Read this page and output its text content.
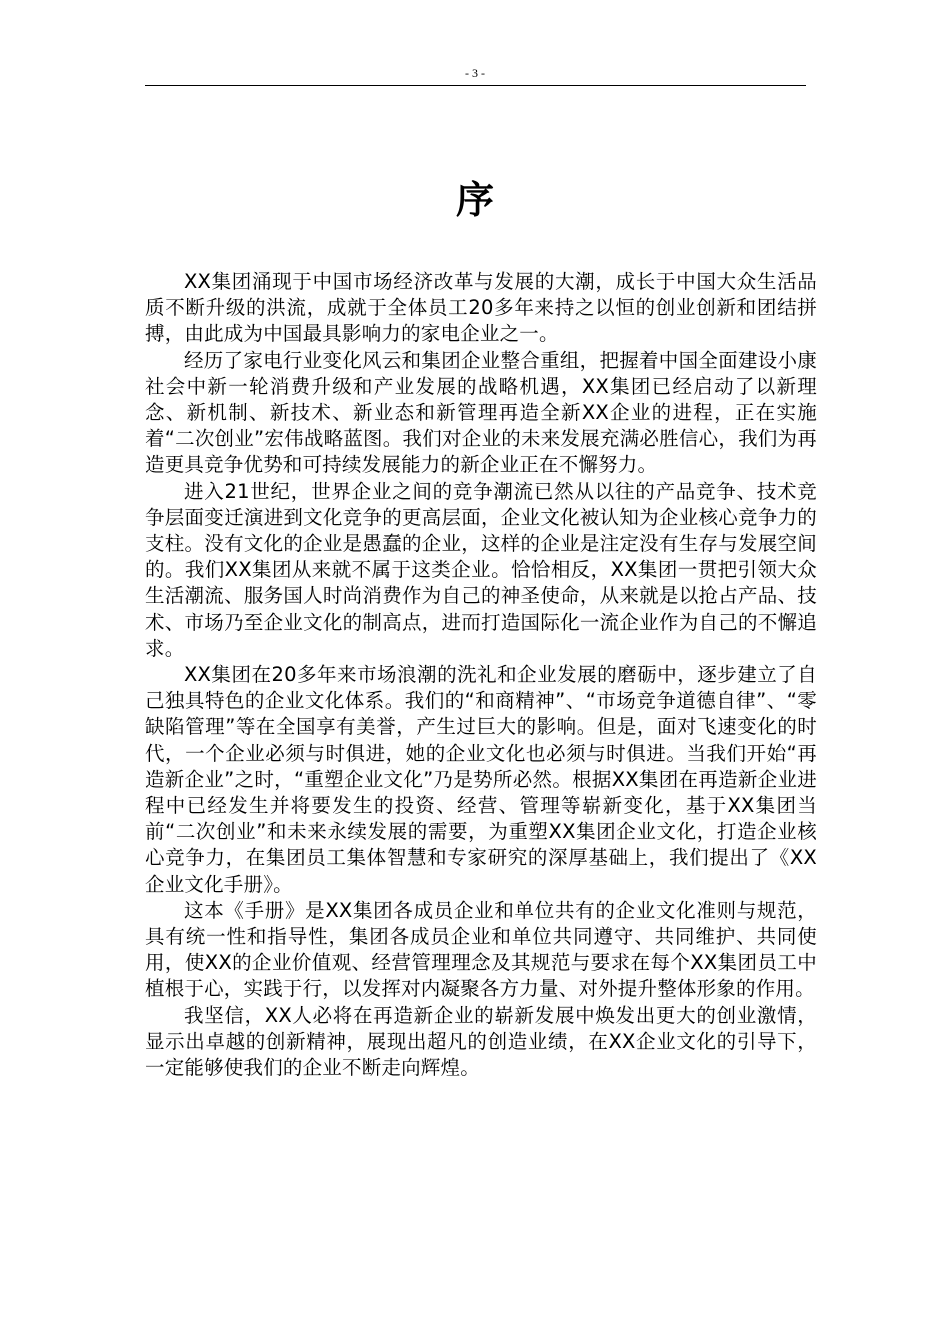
- 3 -
序

XX集团涌现于中国市场经济改革与发展的大潮，成长于中国大众生活品质不断升级的洪流，成就于全体员工20多年来持之以恒的创业创新和团结拼搏，由此成为中国最具影响力的家电企业之一。

经历了家电行业变化风云和集团企业整合重组，把握着中国全面建设小康社会中新一轮消费升级和产业发展的战略机遇，XX集团已经启动了以新理念、新机制、新技术、新业态和新管理再造全新XX企业的进程，正在实施着“二次创业”宏伟战略蓝图。我们对企业的未来发展充满必胜信心，我们为再造更具竞争优势和可持续发展能力的新企业正在不懈努力。

进入21世纪，世界企业之间的竞争潮流已然从以往的产品竞争、技术竞争层面变迁演进到文化竞争的更高层面，企业文化被认知为企业核心竞争力的支柱。没有文化的企业是愚蠢的企业，这样的企业是注定没有生存与发展空间的。我们XX集团从来就不属于这类企业。恰恰相反，XX集团一贯把引领大众生活潮流、服务国人时尚消费作为自己的神圣使命，从来就是以抢占产品、技术、市场乃至企业文化的制高点，进而打造国际化一流企业作为自己的不懈追求。

XX集团在20多年来市场浪潮的洗礼和企业发展的磨砺中，逐步建立了自己独具特色的企业文化体系。我们的“和商精神”、“市场竞争道德自律”、“零缺陷管理”等在全国享有美誉，产生过巨大的影响。但是，面对飞速变化的时代，一个企业必须与时俱进，她的企业文化也必须与时俱进。当我们开始“再造新企业”之时，“重塑企业文化”乃是势所必然。根据XX集团在再造新企业进程中已经发生并将要发生的投资、经营、管理等崭新变化，基于XX集团当前“二次创业”和未来永续发展的需要，为重塑XX集团企业文化，打造企业核心竞争力，在集团员工集体智慧和专家研究的深厚基础上，我们提出了《XX企业文化手册》。

这本《手册》是XX集团各成员企业和单位共有的企业文化准则与规范，具有统一性和指导性，集团各成员企业和单位共同遵守、共同维护、共同使用，使XX的企业价值观、经营管理理念及其规范与要求在每个XX集团员工中植根于心，实践于行，以发挥对内凝聚各方力量、对外提升整体形象的作用。

我坚信，XX人必将在再造新企业的崭新发展中焕发出更大的创业激情，显示出卓越的创新精神，展现出超凡的创造业绩，在XX企业文化的引导下，一定能够使我们的企业不断走向辉煌。
